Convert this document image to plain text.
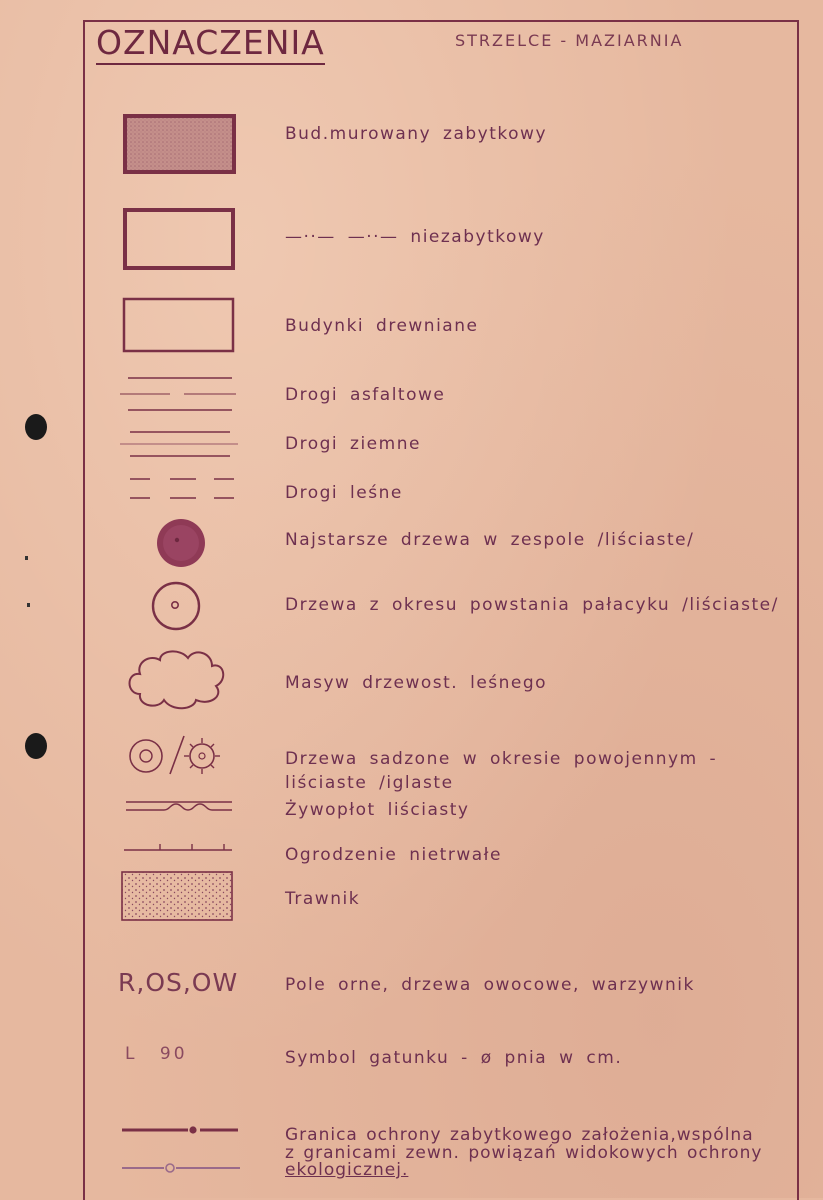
OZNACZENIA	STRZELCE - MAZIARNIA
Bud.murowany zabytkowy
—··— —··— niezabytkowy
Budynki drewniane
Drogi asfaltowe
Drogi ziemne
Drogi leśne
Najstarsze drzewa w zespole /liściaste/
Drzewa z okresu powstania pałacyku /liściaste/
Masyw drzewost. leśnego
Drzewa sadzone w okresie powojennym -
liściaste /iglaste
Żywopłot liściasty
Ogrodzenie nietrwałe
Trawnik
R,OS,OW	Pole orne, drzewa owocowe, warzywnik
L 90	Symbol gatunku - ø pnia w cm.
Granica ochrony zabytkowego założenia,wspólna
z granicami zewn. powiązań widokowych ochrony
ekologicznej.
